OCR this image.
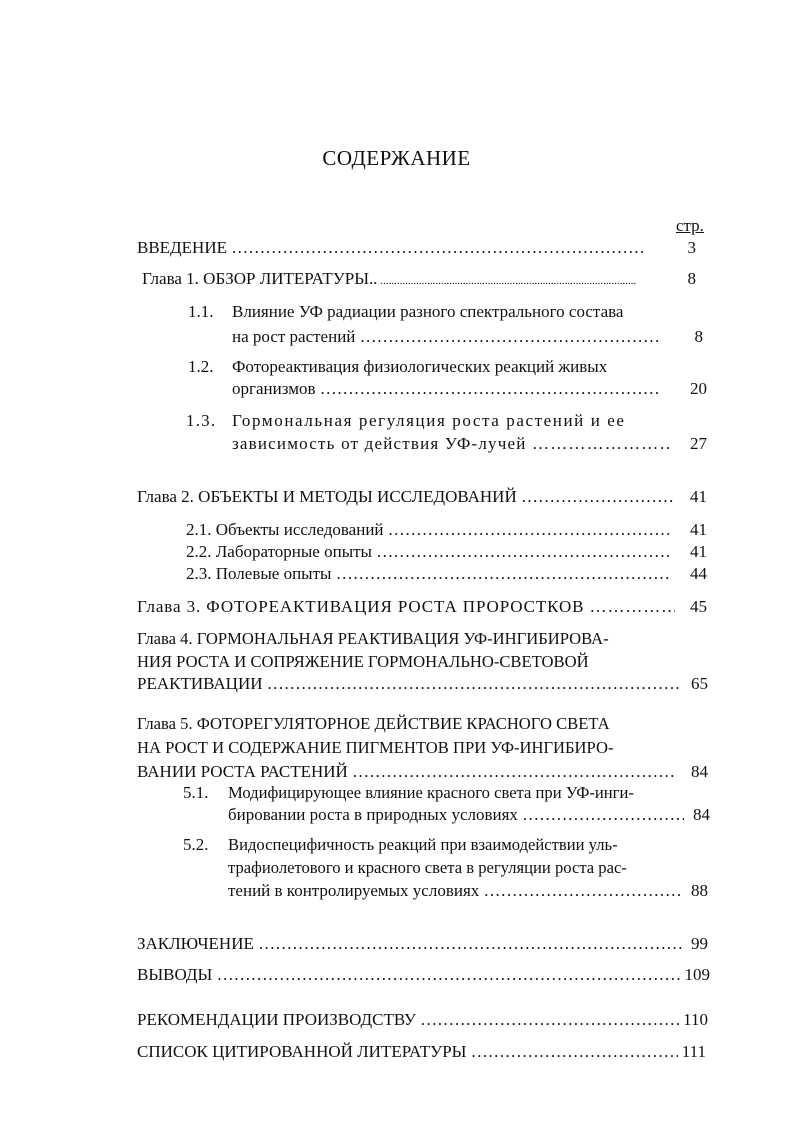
СОДЕРЖАНИЕ
стр.
ВВЕДЕНИЕ …………………………………………………………………………………………………………………………………………………………	3
Глава 1. ОБЗОР ЛИТЕРАТУРЫ.. .....	8
1.1. Влияние УФ радиации разного спектрального состава
на рост растений …………………………………………………………………………………………………………………………………………………………	8
1.2. Фотореактивация физиологических реакций живых
организмов …………………………………………………………………………………………………………………………………………………………	20
1.3. Гормональная регуляция роста растений и ее
зависимость от действия УФ-лучей …………………………………………………………………………………………………………………………………………………………	27
Глава 2. ОБЪЕКТЫ И МЕТОДЫ ИССЛЕДОВАНИЙ …………………………………………………………………………………………………………………………………………………………	41
2.1. Объекты исследований …………………………………………………………………………………………………………………………………………………………	41
2.2. Лабораторные опыты …………………………………………………………………………………………………………………………………………………………	41
2.3. Полевые опыты …………………………………………………………………………………………………………………………………………………………	44
Глава 3. ФОТОРЕАКТИВАЦИЯ РОСТА ПРОРОСТКОВ …………………………………………………………………………………………………………………………………………………………	45
Глава 4. ГОРМОНАЛЬНАЯ РЕАКТИВАЦИЯ УФ-ИНГИБИРОВА-
НИЯ РОСТА И СОПРЯЖЕНИЕ ГОРМОНАЛЬНО-СВЕТОВОЙ
РЕАКТИВАЦИИ …………………………………………………………………………………………………………………………………………………………	65
Глава 5. ФОТОРЕГУЛЯТОРНОЕ ДЕЙСТВИЕ КРАСНОГО СВЕТА
НА РОСТ И СОДЕРЖАНИЕ ПИГМЕНТОВ ПРИ УФ-ИНГИБИРО-
ВАНИИ РОСТА РАСТЕНИЙ …………………………………………………………………………………………………………………………………………………………	84
5.1. Модифицирующее влияние красного света при УФ-инги-
бировании роста в природных условиях …………………………………………………………………………………………………………………………………………………………	84
5.2. Видоспецифичность реакций при взаимодействии уль-
трафиолетового и красного света в регуляции роста рас-
тений в контролируемых условиях …………………………………………………………………………………………………………………………………………………………	88
ЗАКЛЮЧЕНИЕ …………………………………………………………………………………………………………………………………………………………	99
ВЫВОДЫ …………………………………………………………………………………………………………………………………………………………	109
РЕКОМЕНДАЦИИ ПРОИЗВОДСТВУ …………………………………………………………………………………………………………………………………………………………	110
СПИСОК ЦИТИРОВАННОЙ ЛИТЕРАТУРЫ …………………………………………………………………………………………………………………………………………………………	111
